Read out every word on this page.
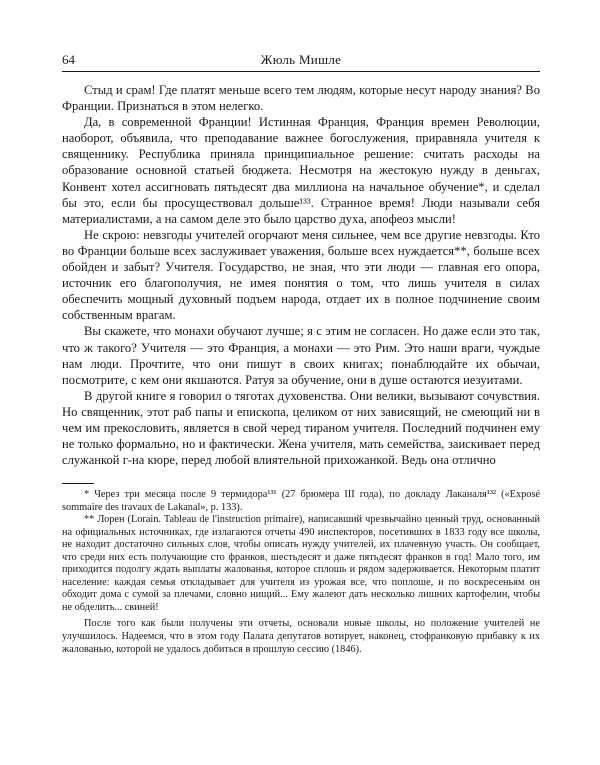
64	Жюль Мишле

Стыд и срам! Где платят меньше всего тем людям, которые несут народу знания? Во Франции. Признаться в этом нелегко.

Да, в современной Франции! Истинная Франция, Франция времен Революции, наоборот, объявила, что преподавание важнее богослужения, приравняла учителя к священнику. Республика приняла принципиальное решение: считать расходы на образование основной статьей бюджета. Несмотря на жестокую нужду в деньгах, Конвент хотел ассигновать пятьдесят два миллиона на начальное обучение*, и сделал бы это, если бы просуществовал дольше¹³³. Странное время! Люди называли себя материалистами, а на самом деле это было царство духа, апофеоз мысли!

Не скрою: невзгоды учителей огорчают меня сильнее, чем все другие невзгоды. Кто во Франции больше всех заслуживает уважения, больше всех нуждается**, больше всех обойден и забыт? Учителя. Государство, не зная, что эти люди — главная его опора, источник его благополучия, не имея понятия о том, что лишь учителя в силах обеспечить мощный духовный подъем народа, отдает их в полное подчинение своим собственным врагам.

Вы скажете, что монахи обучают лучше; я с этим не согласен. Но даже если это так, что ж такого? Учителя — это Франция, а монахи — это Рим. Это наши враги, чуждые нам люди. Прочтите, что они пишут в своих книгах; понаблюдайте их обычаи, посмотрите, с кем они якшаются. Ратуя за обучение, они в душе остаются иезуитами.

В другой книге я говорил о тяготах духовенства. Они велики, вызывают сочувствия. Но священник, этот раб папы и епископа, целиком от них зависящий, не смеющий ни в чем им прекословить, является в свой черед тираном учителя. Последний подчинен ему не только формально, но и фактически. Жена учителя, мать семейства, заискивает перед служанкой г-на кюре, перед любой влиятельной прихожанкой. Ведь она отлично

* Через три месяца после 9 термидора¹³¹ (27 брюмера III года), по докладу Лаканаля¹³² («Exposé sommaire des travaux de Lakanal», p. 133).

** Лорен (Lorain. Tableau de l'instruction primaire), написавший чрезвычайно ценный труд, основанный на официальных источниках, где излагаются отчеты 490 инспекторов, посетивших в 1833 году все школы, не находит достаточно сильных слов, чтобы описать нужду учителей, их плачевную участь. Он сообщает, что среди них есть получающие сто франков, шестьдесят и даже пятьдесят франков в год! Мало того, им приходится подолгу ждать выплаты жалованья, которое сплошь и рядом задерживается. Некоторым платит население: каждая семья откладывает для учителя из урожая все, что поплоше, и по воскресеньям он обходит дома с сумой за плечами, словно нищий... Ему жалеют дать несколько лишних картофелин, чтобы не обделить... свиней!

После того как были получены эти отчеты, основали новые школы, но положение учителей не улучшилось. Надеемся, что в этом году Палата депутатов вотирует, наконец, стофранковую прибавку к их жалованью, которой не удалось добиться в прошлую сессию (1846).
